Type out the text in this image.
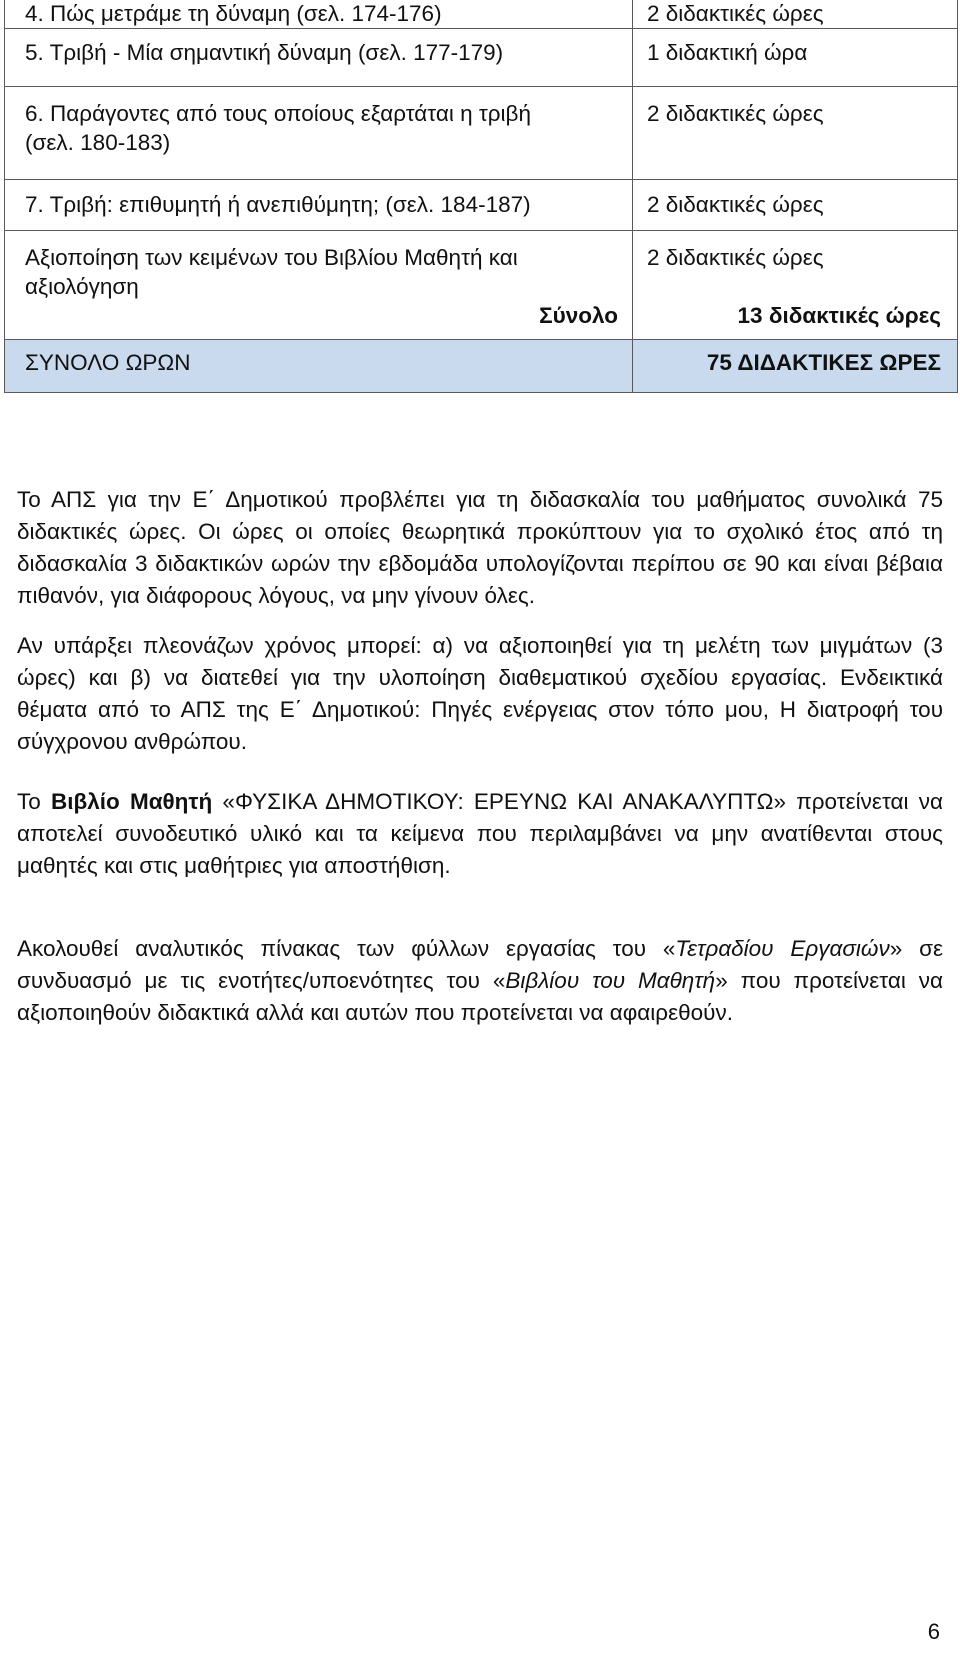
4. Πώς μετράμε τη δύναμη (σελ. 174-176)	2 διδακτικές ώρες
5. Τριβή - Μία σημαντική δύναμη (σελ. 177-179)	1 διδακτική ώρα

6. Παράγοντες από τους οποίους εξαρτάται η τριβή
(σελ. 180-183)	2 διδακτικές ώρες
7. Τριβή: επιθυμητή ή ανεπιθύμητη; (σελ. 184-187)	2 διδακτικές ώρες

Αξιοποίηση των κειμένων του Βιβλίου Μαθητή και
αξιολόγηση	2 διδακτικές ώρες
Σύνολο	13 διδακτικές ώρες
ΣΥΝΟΛΟ ΩΡΩΝ	75 ΔΙΔΑΚΤΙΚΕΣ ΩΡΕΣ

Το ΑΠΣ για την Ε΄ Δημοτικού προβλέπει για τη διδασκαλία του μαθήματος συνολικά 75 διδακτικές ώρες. Οι ώρες οι οποίες θεωρητικά προκύπτουν για το σχολικό έτος από τη διδασκαλία 3 διδακτικών ωρών την εβδομάδα υπολογίζονται περίπου σε 90 και είναι βέβαια πιθανόν, για διάφορους λόγους, να μην γίνουν όλες.

Αν υπάρξει πλεονάζων χρόνος μπορεί: α) να αξιοποιηθεί για τη μελέτη των μιγμάτων (3 ώρες) και β) να διατεθεί για την υλοποίηση διαθεματικού σχεδίου εργασίας. Ενδεικτικά θέματα από το ΑΠΣ της Ε΄ Δημοτικού: Πηγές ενέργειας στον τόπο μου, Η διατροφή του σύγχρονου ανθρώπου.

Το Βιβλίο Μαθητή «ΦΥΣΙΚΑ ΔΗΜΟΤΙΚΟΥ: ΕΡΕΥΝΩ ΚΑΙ ΑΝΑΚΑΛΥΠΤΩ» προτείνεται να αποτελεί συνοδευτικό υλικό και τα κείμενα που περιλαμβάνει να μην ανατίθενται στους μαθητές και στις μαθήτριες για αποστήθιση.

Ακολουθεί αναλυτικός πίνακας των φύλλων εργασίας του «Τετραδίου Εργασιών» σε συνδυασμό με τις ενοτήτες/υποενότητες του «Βιβλίου του Μαθητή» που προτείνεται να αξιοποιηθούν διδακτικά αλλά και αυτών που προτείνεται να αφαιρεθούν.

6
